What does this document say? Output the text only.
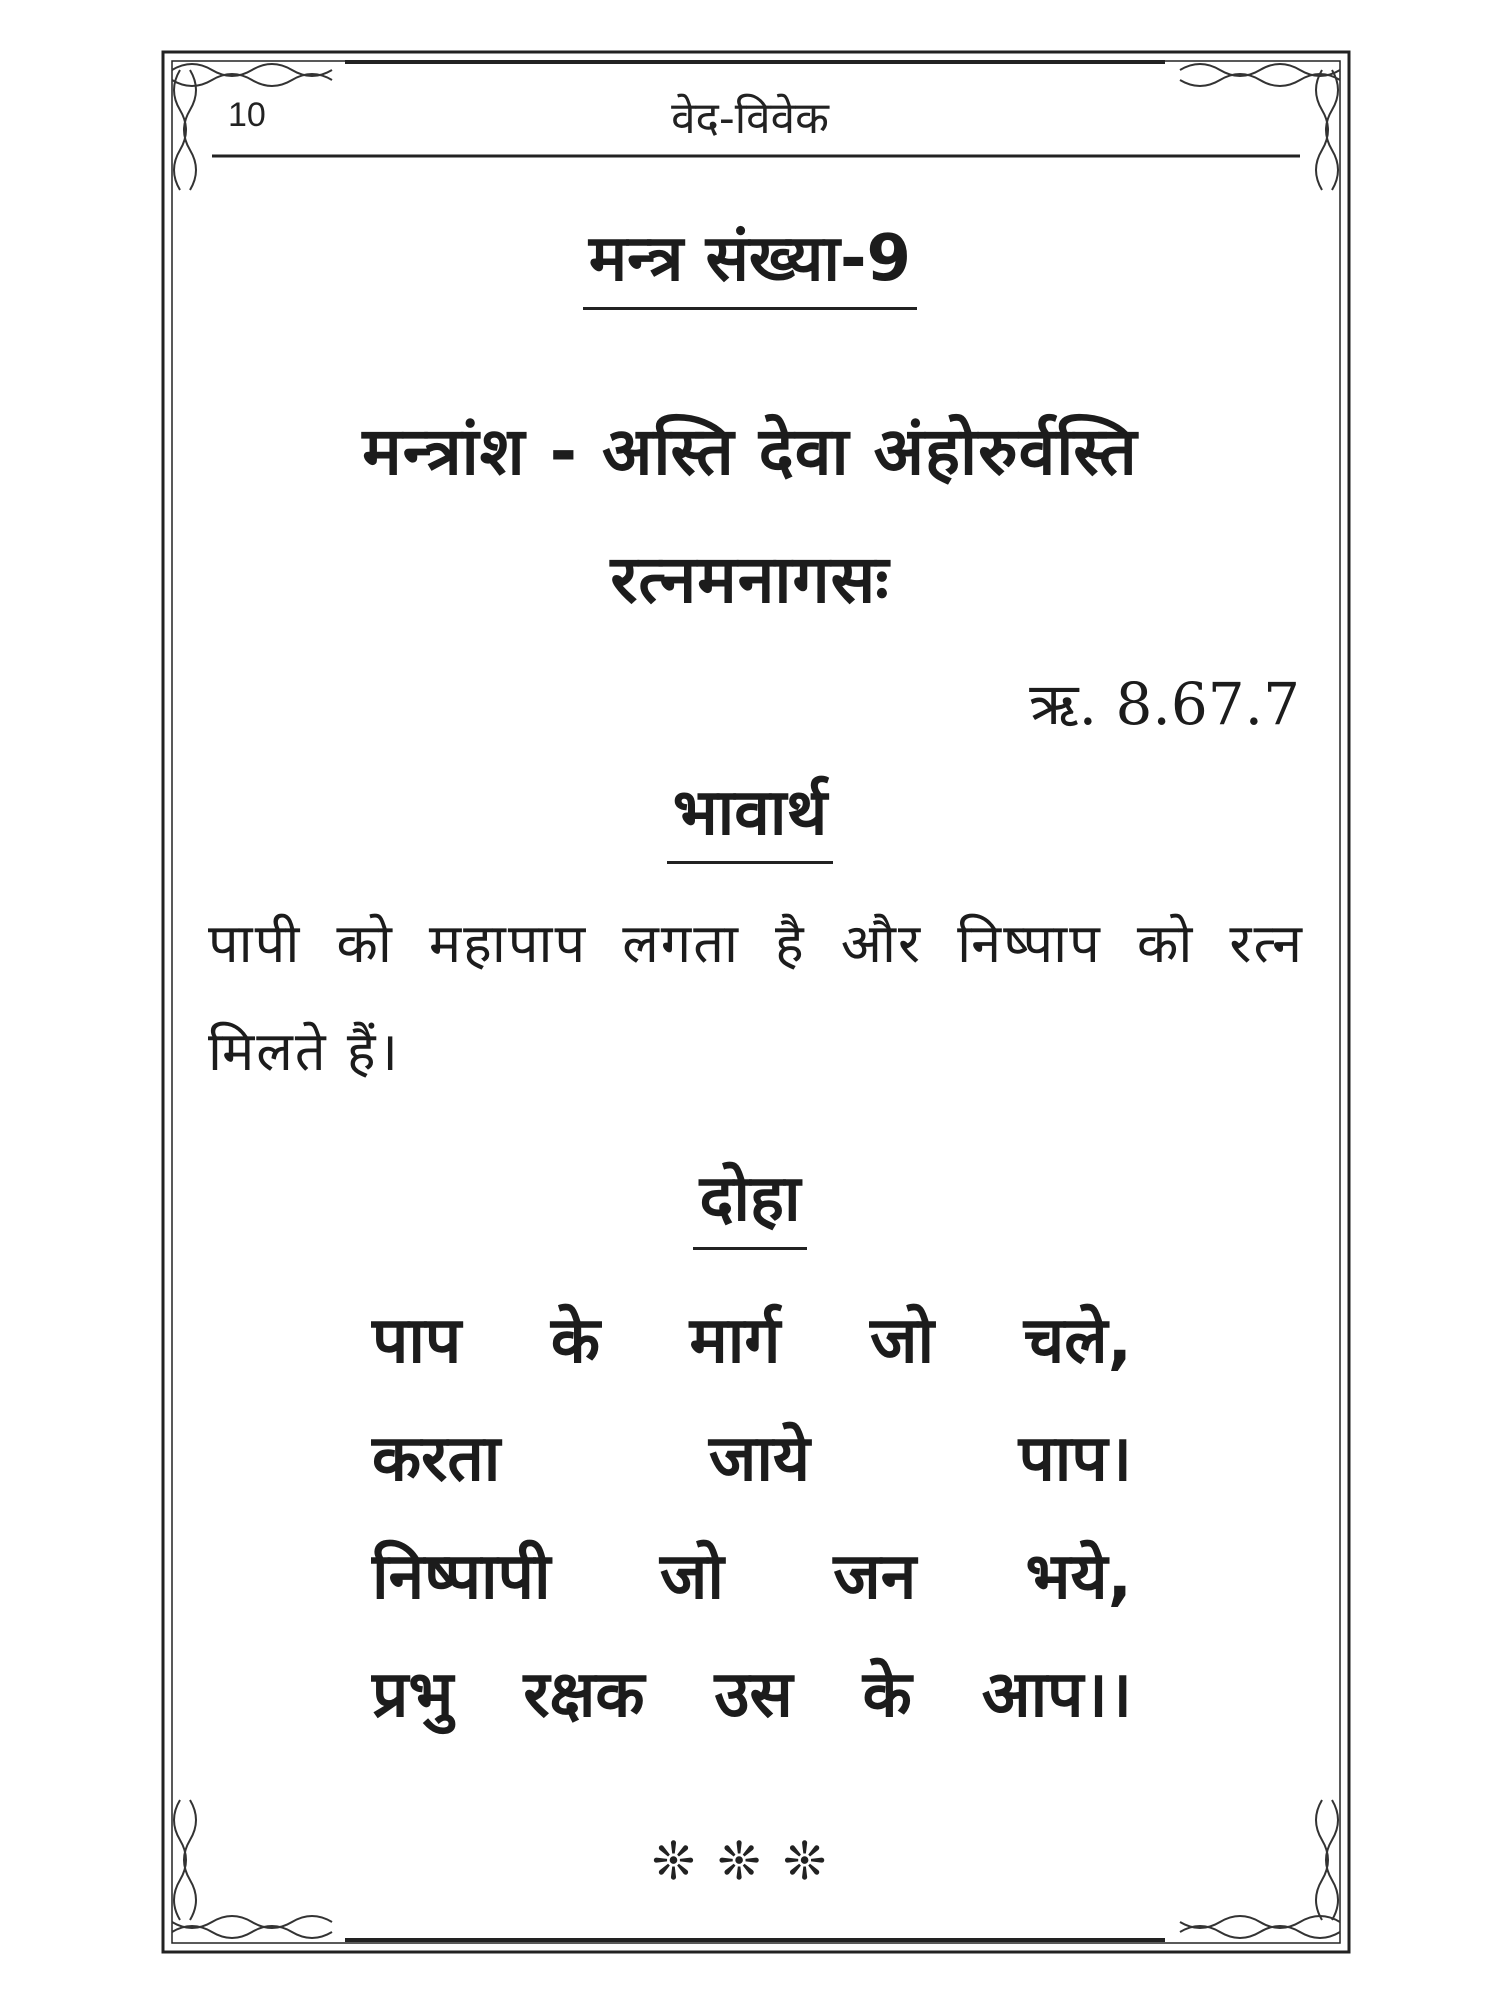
10	वेद-विवेक
मन्त्र संख्या-9
मन्त्रांश - अस्ति देवा अंहोरुर्वस्ति
रत्नमनागसः
ऋ. 8.67.7
भावार्थ
पापी को महापाप लगता है और निष्पाप को रत्न मिलते हैं।
दोहा
पाप के मार्ग जो चले,
करता	जाये	पाप।
निष्पापी जो जन भये,
प्रभु रक्षक उस के आप।।
❊❊❊
